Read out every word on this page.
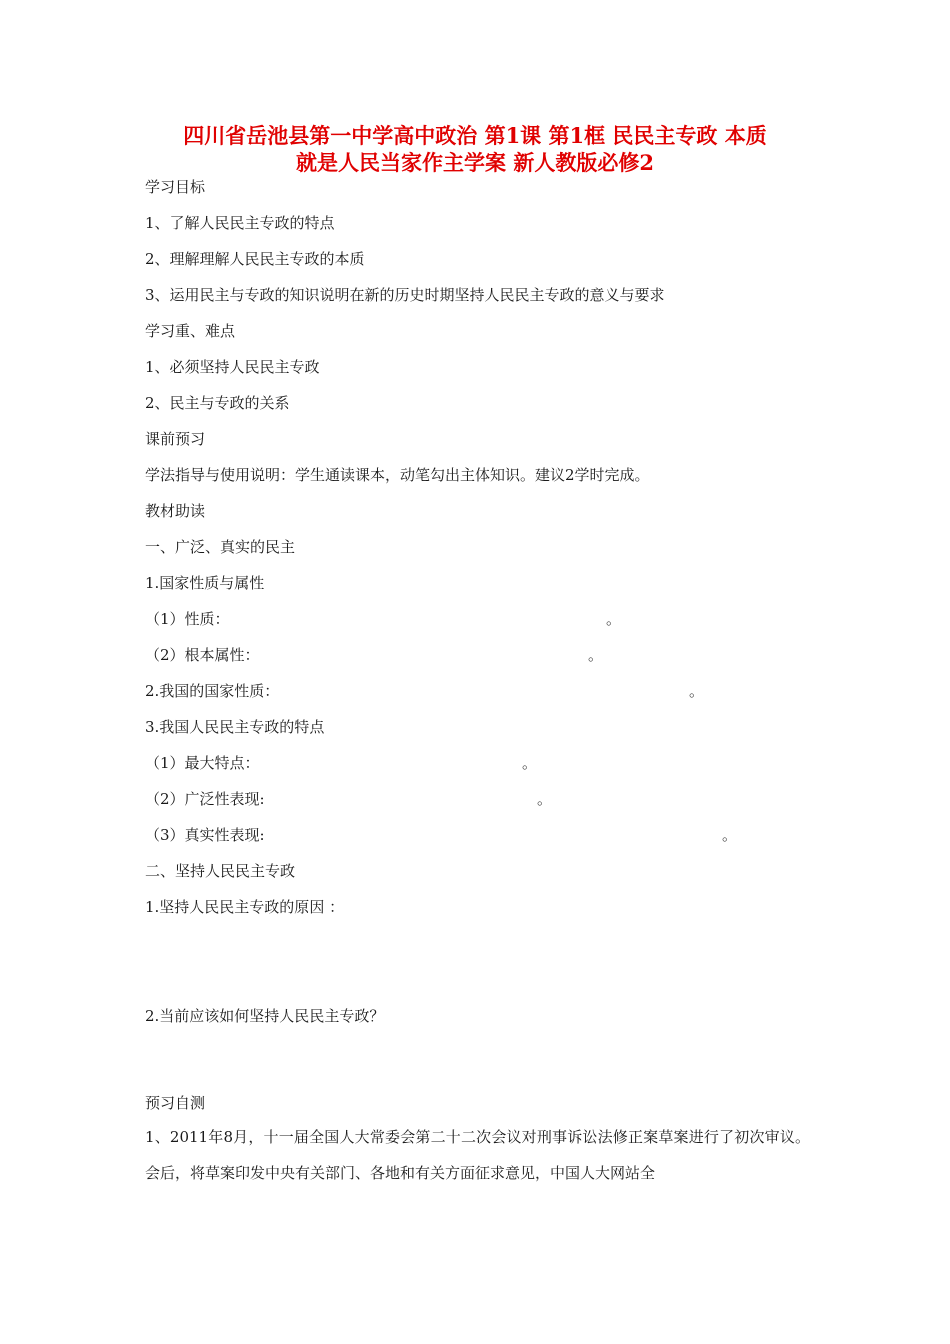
四川省岳池县第一中学高中政治 第1课 第1框 民民主专政 本质
就是人民当家作主学案 新人教版必修2

学习目标

1、了解人民民主专政的特点

2、理解理解人民民主专政的本质

3、运用民主与专政的知识说明在新的历史时期坚持人民民主专政的意义与要求

学习重、难点

1、必须坚持人民民主专政

2、民主与专政的关系

课前预习

学法指导与使用说明：学生通读课本，动笔勾出主体知识。建议2学时完成。

教材助读

一、广泛、真实的民主

1.国家性质与属性

（1）性质：	。

（2）根本属性：	。

2.我国的国家性质：	。

3.我国人民民主专政的特点

（1）最大特点：	。

（2）广泛性表现:	。

（3）真实性表现:	。

二、坚持人民民主专政

1.坚持人民民主专政的原因 ：

2.当前应该如何坚持人民民主专政？

预习自测

1、2011年8月，十一届全国人大常委会第二十二次会议对刑事诉讼法修正案草案进行了初次审议。会后，将草案印发中央有关部门、各地和有关方面征求意见，中国人大网站全
